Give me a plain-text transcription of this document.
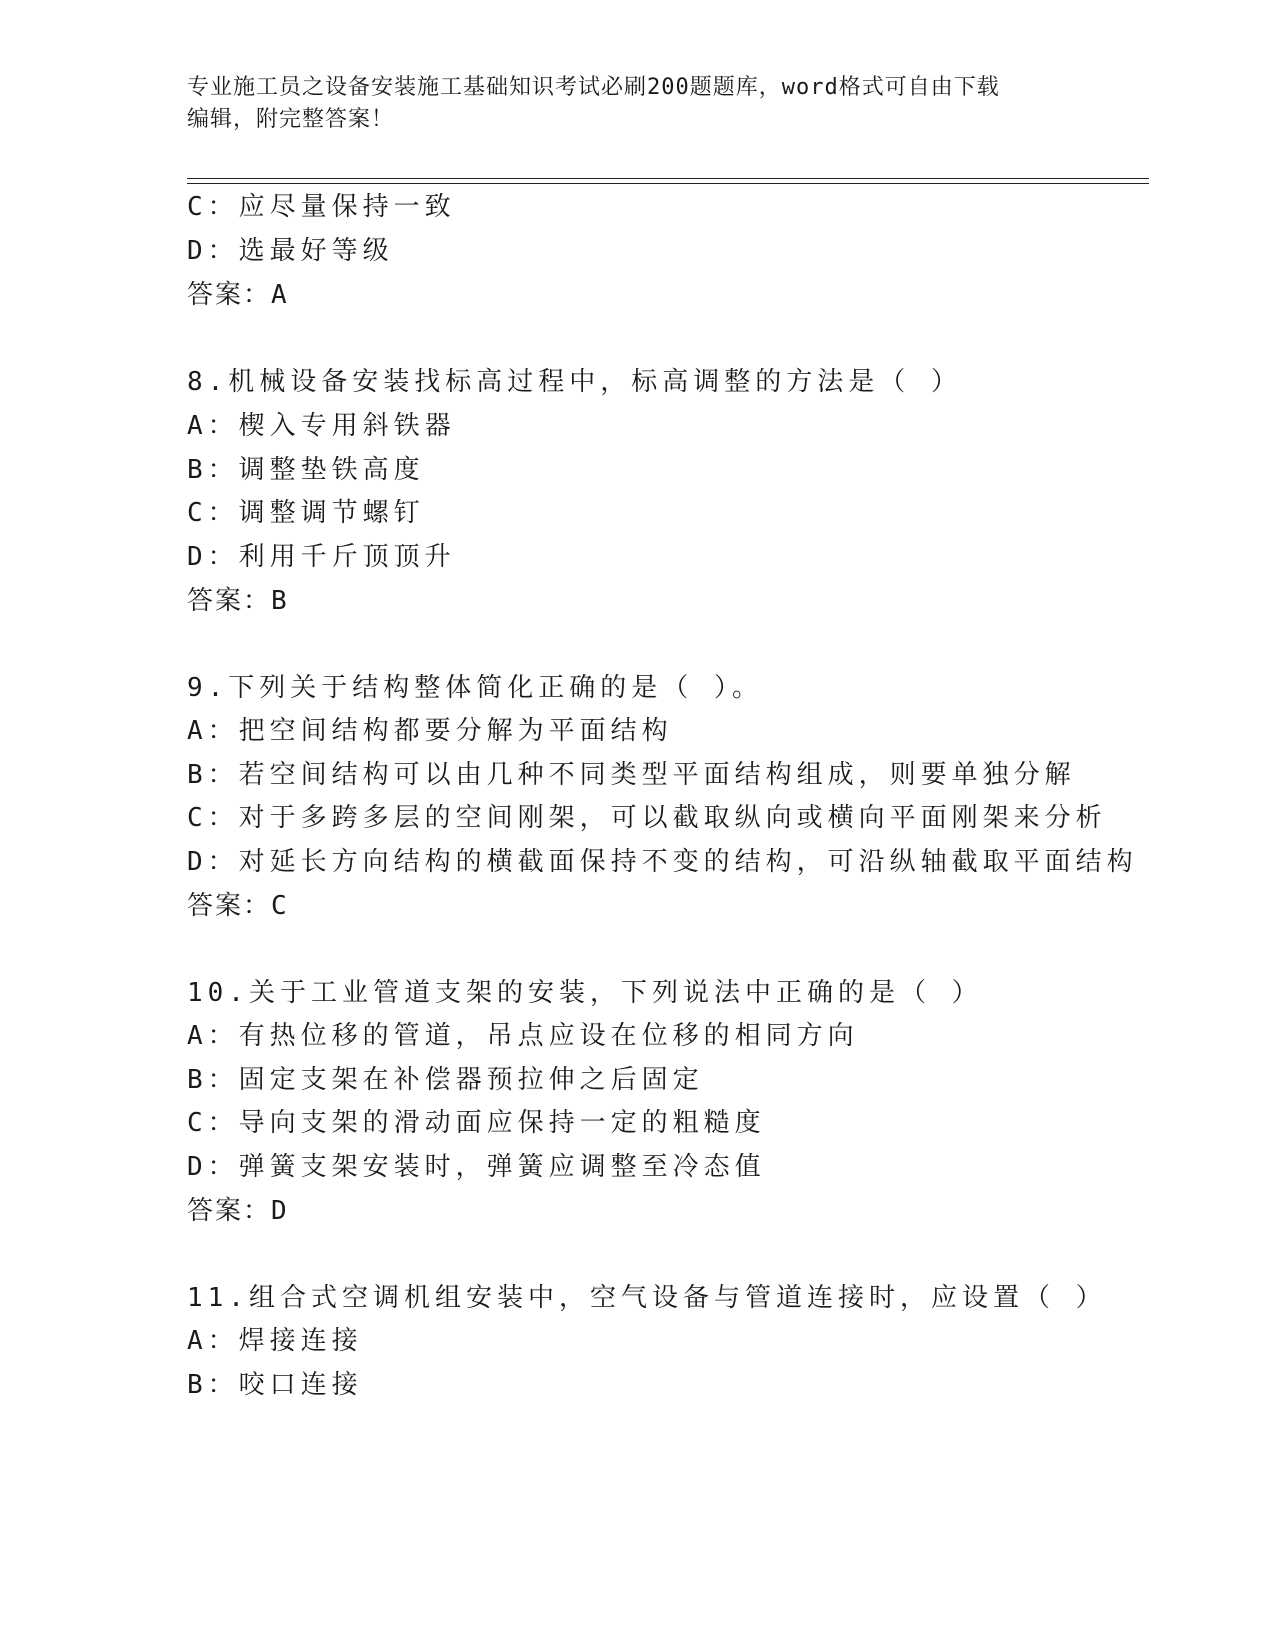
专业施工员之设备安装施工基础知识考试必刷200题题库，word格式可自由下载
编辑，附完整答案！
C：应尽量保持一致
D：选最好等级
答案：A
8.机械设备安装找标高过程中，标高调整的方法是（ ）
A：楔入专用斜铁器
B：调整垫铁高度
C：调整调节螺钉
D：利用千斤顶顶升
答案：B
9.下列关于结构整体简化正确的是（ ）。
A：把空间结构都要分解为平面结构
B：若空间结构可以由几种不同类型平面结构组成，则要单独分解
C：对于多跨多层的空间刚架，可以截取纵向或横向平面刚架来分析
D：对延长方向结构的横截面保持不变的结构，可沿纵轴截取平面结构
答案：C
10.关于工业管道支架的安装，下列说法中正确的是（ ）
A：有热位移的管道，吊点应设在位移的相同方向
B：固定支架在补偿器预拉伸之后固定
C：导向支架的滑动面应保持一定的粗糙度
D：弹簧支架安装时，弹簧应调整至冷态值
答案：D
11.组合式空调机组安装中，空气设备与管道连接时，应设置（ ）
A：焊接连接
B：咬口连接
